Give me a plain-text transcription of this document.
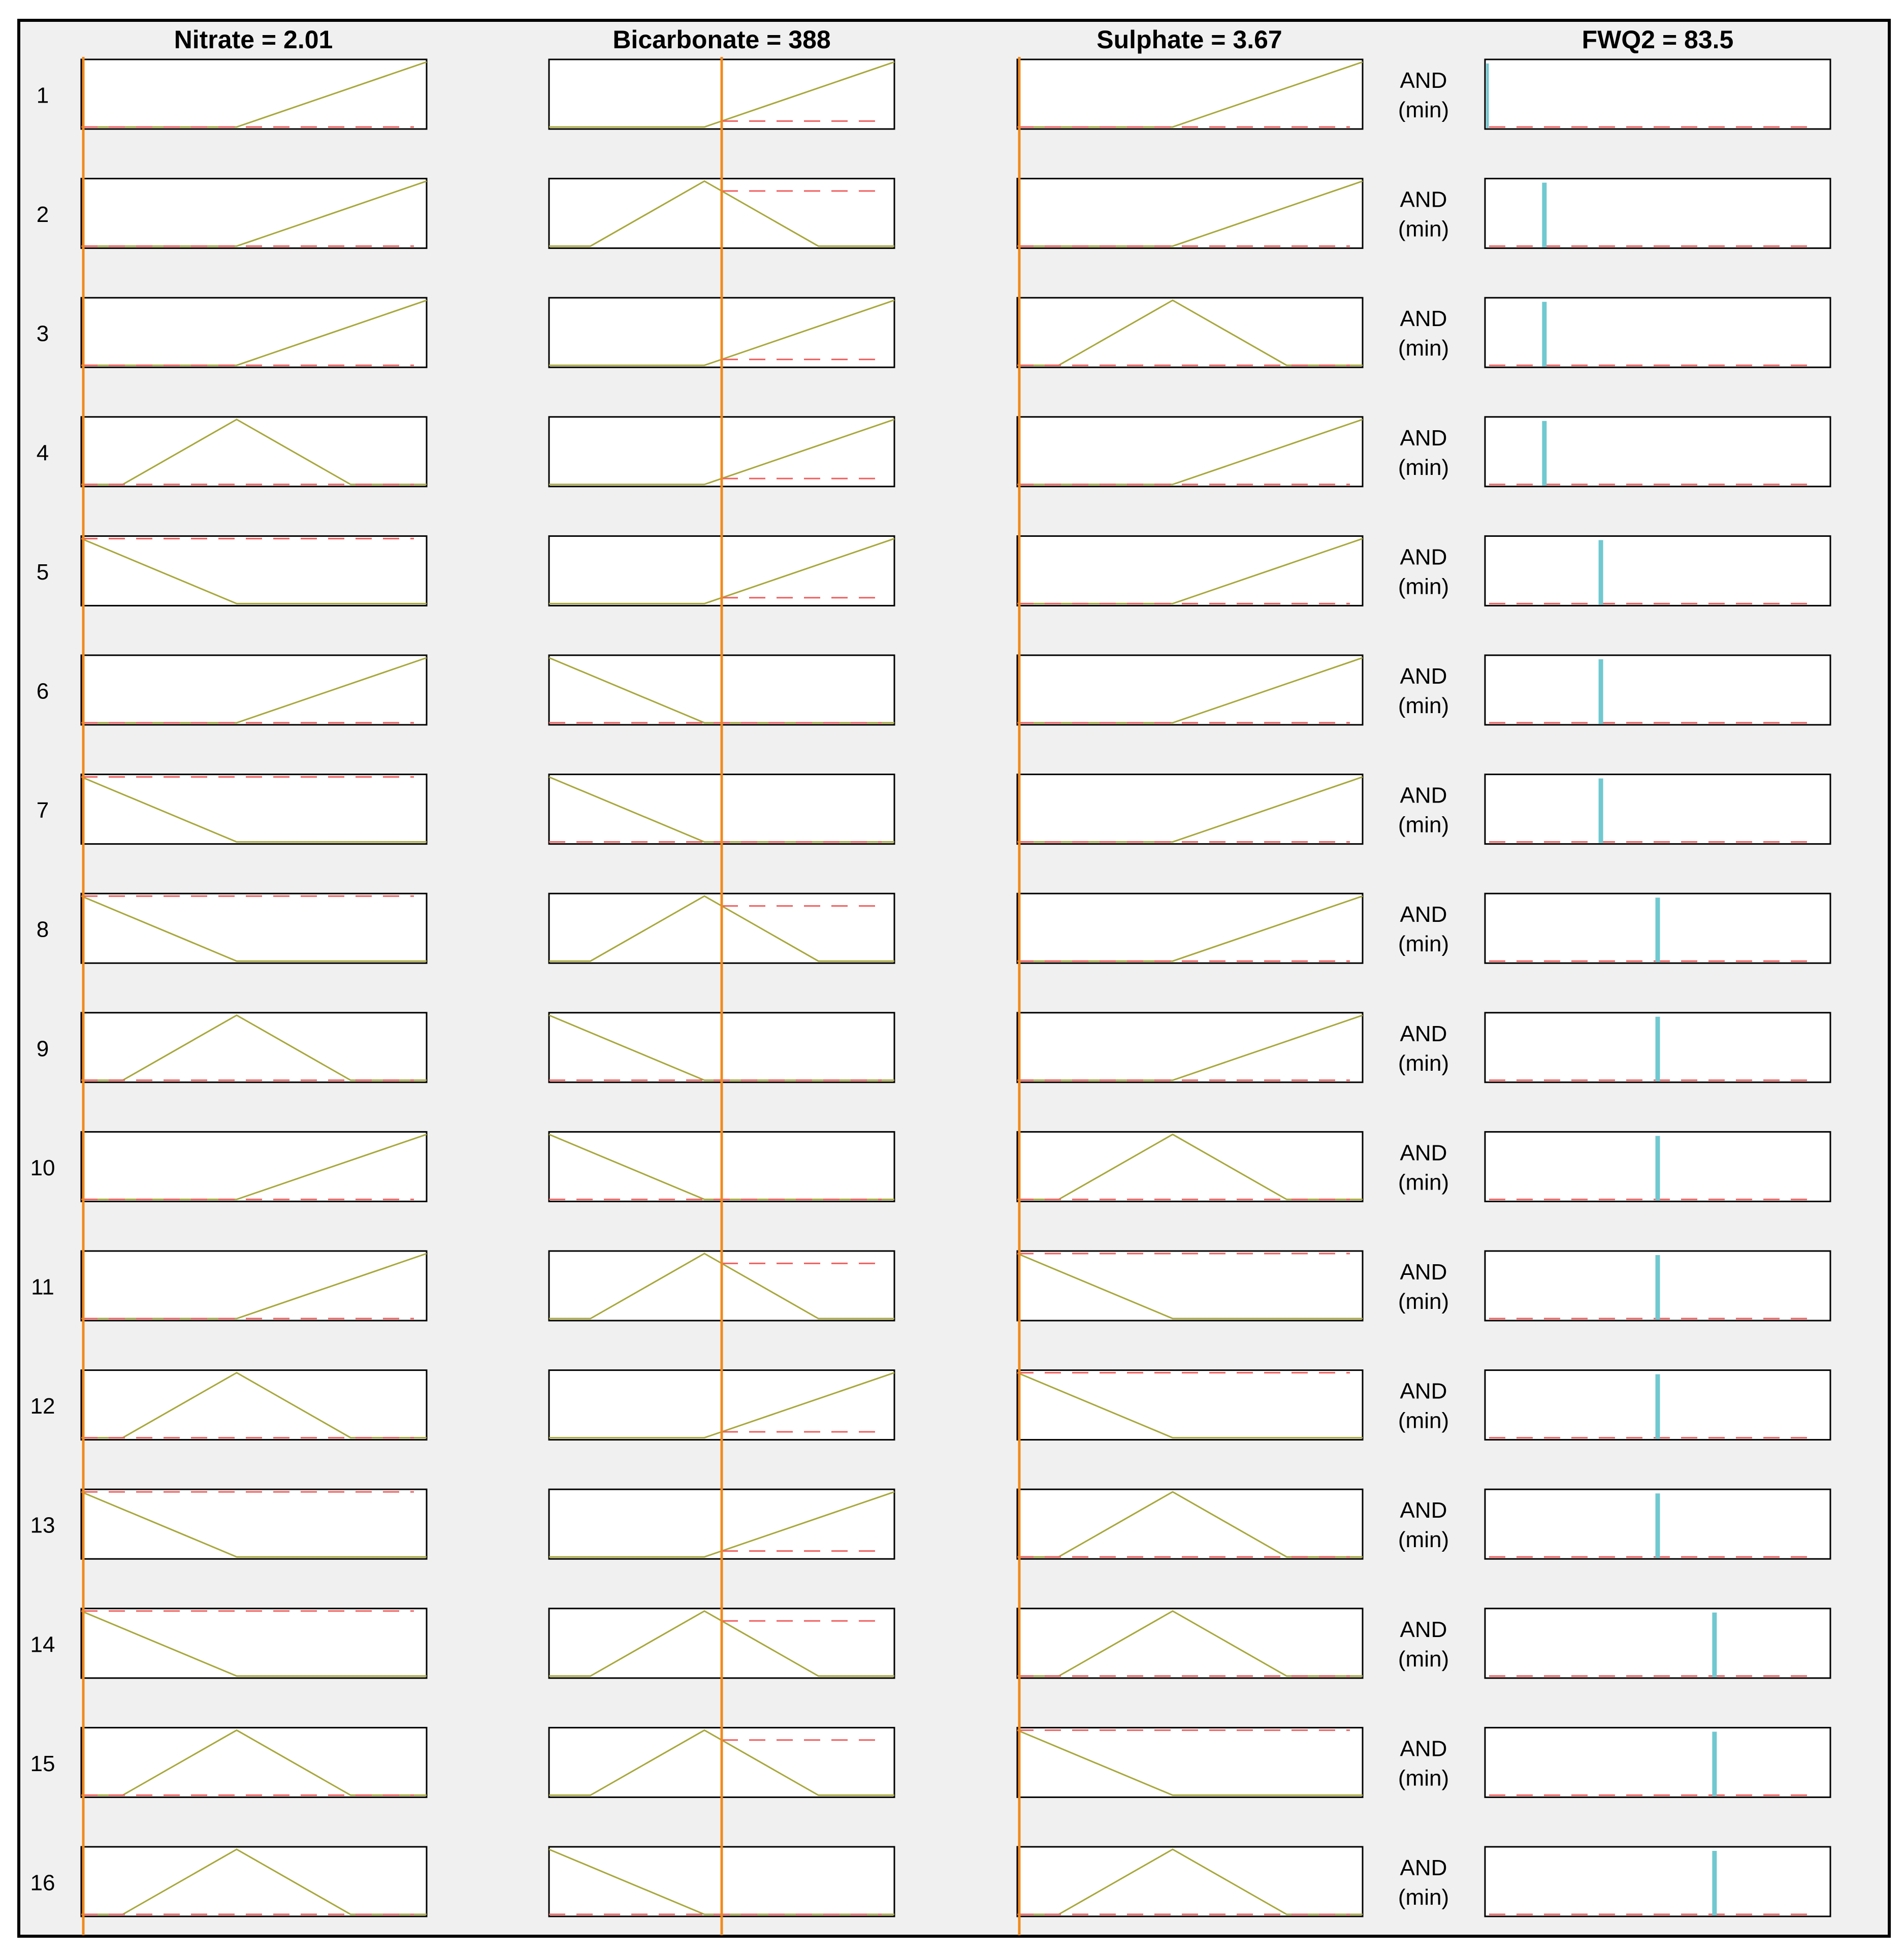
Nitrate = 2.01	Bicarbonate = 388	Sulphate = 3.67	FWQ2 = 83.5
1
AND
(min)
2
AND
(min)
3
AND
(min)
4
AND
(min)
5
AND
(min)
6
AND
(min)
7
AND
(min)
8
AND
(min)
9
AND
(min)
10
AND
(min)
11
AND
(min)
12
AND
(min)
13
AND
(min)
14
AND
(min)
15
AND
(min)
16
AND
(min)
